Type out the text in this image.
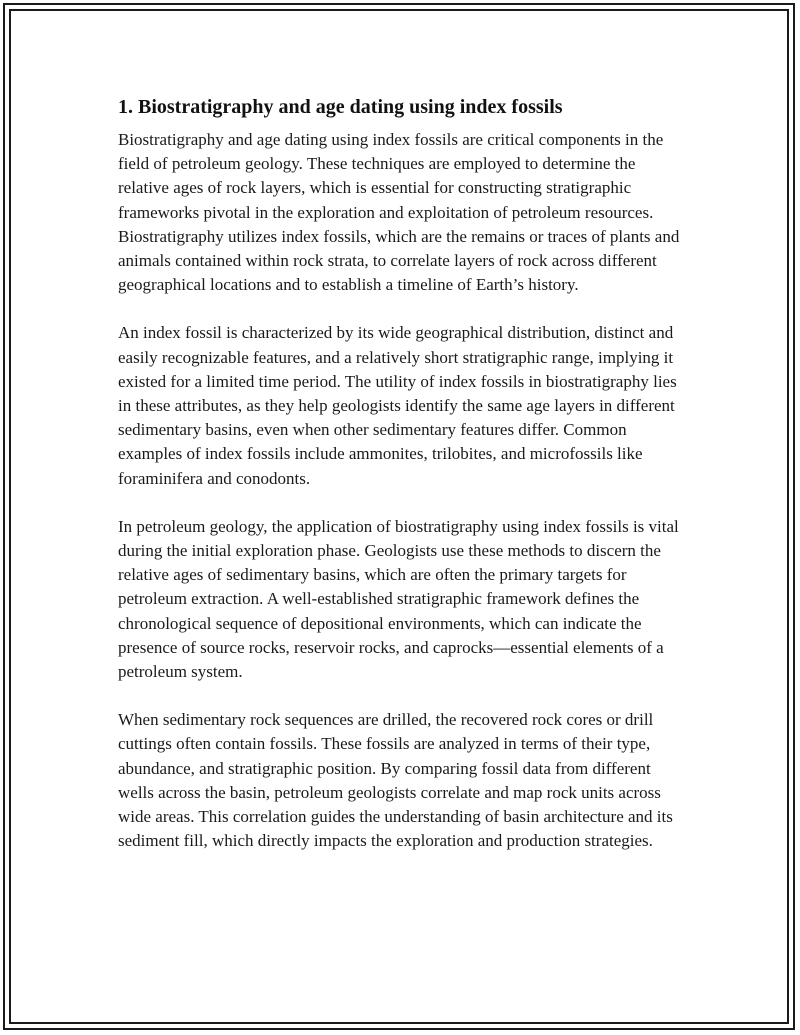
1. Biostratigraphy and age dating using index fossils

Biostratigraphy and age dating using index fossils are critical components in the field of petroleum geology. These techniques are employed to determine the relative ages of rock layers, which is essential for constructing stratigraphic frameworks pivotal in the exploration and exploitation of petroleum resources. Biostratigraphy utilizes index fossils, which are the remains or traces of plants and animals contained within rock strata, to correlate layers of rock across different geographical locations and to establish a timeline of Earth’s history.

An index fossil is characterized by its wide geographical distribution, distinct and easily recognizable features, and a relatively short stratigraphic range, implying it existed for a limited time period. The utility of index fossils in biostratigraphy lies in these attributes, as they help geologists identify the same age layers in different sedimentary basins, even when other sedimentary features differ. Common examples of index fossils include ammonites, trilobites, and microfossils like foraminifera and conodonts.

In petroleum geology, the application of biostratigraphy using index fossils is vital during the initial exploration phase. Geologists use these methods to discern the relative ages of sedimentary basins, which are often the primary targets for petroleum extraction. A well-established stratigraphic framework defines the chronological sequence of depositional environments, which can indicate the presence of source rocks, reservoir rocks, and caprocks—essential elements of a petroleum system.

When sedimentary rock sequences are drilled, the recovered rock cores or drill cuttings often contain fossils. These fossils are analyzed in terms of their type, abundance, and stratigraphic position. By comparing fossil data from different wells across the basin, petroleum geologists correlate and map rock units across wide areas. This correlation guides the understanding of basin architecture and its sediment fill, which directly impacts the exploration and production strategies.
